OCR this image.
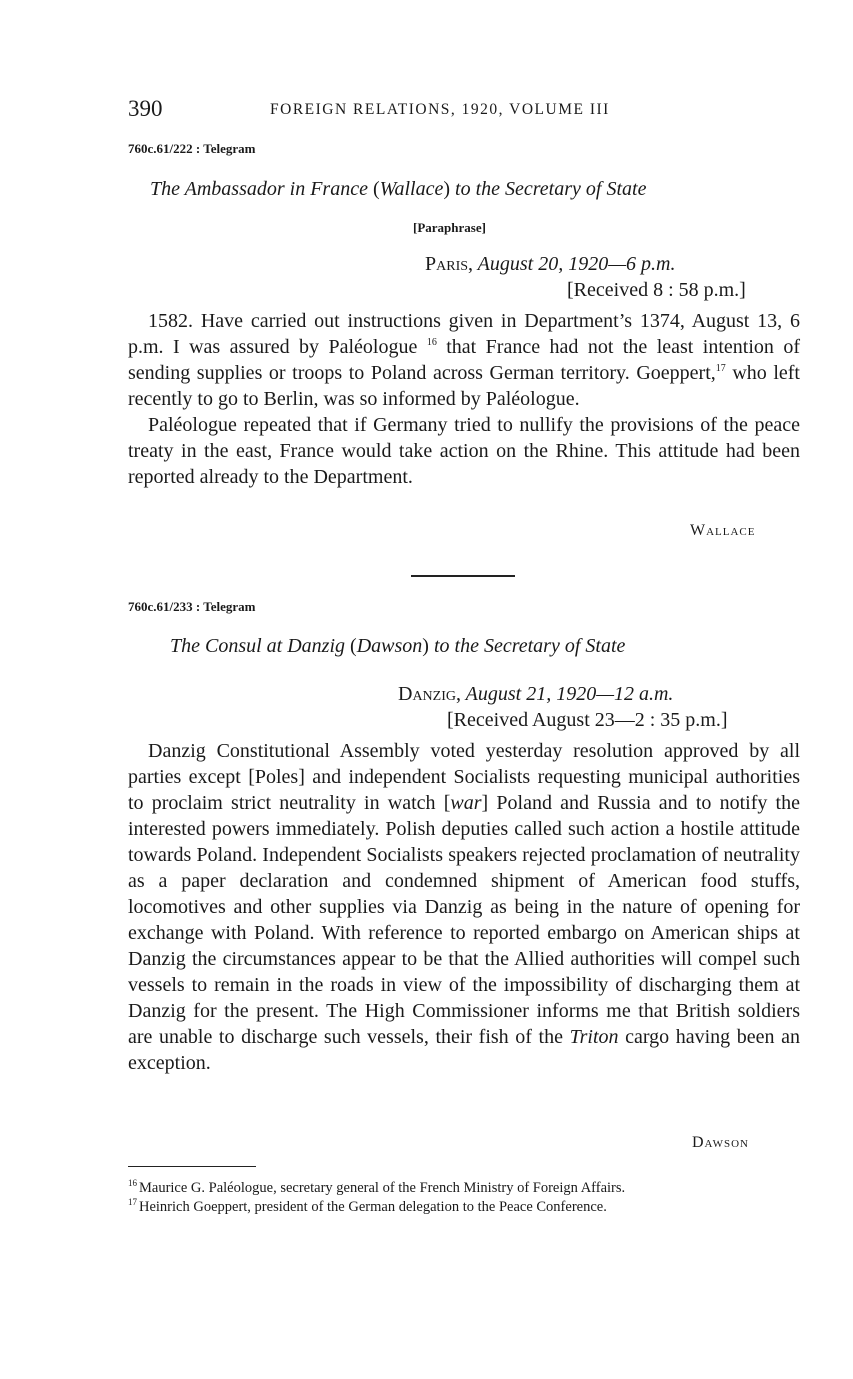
390	FOREIGN RELATIONS, 1920, VOLUME III
760c.61/222 : Telegram
The Ambassador in France (Wallace) to the Secretary of State
[Paraphrase]
Paris, August 20, 1920—6 p.m.
[Received 8 : 58 p.m.]

1582. Have carried out instructions given in Department’s 1374, August 13, 6 p.m. I was assured by Paléologue $^{16}$ that France had not the least intention of sending supplies or troops to Poland across German territory. Goeppert,$^{17}$ who left recently to go to Berlin, was so informed by Paléologue.

Paléologue repeated that if Germany tried to nullify the provisions of the peace treaty in the east, France would take action on the Rhine. This attitude had been reported already to the Department.

Wallace
760c.61/233 : Telegram
The Consul at Danzig (Dawson) to the Secretary of State
Danzig, August 21, 1920—12 a.m.
[Received August 23—2 : 35 p.m.]

Danzig Constitutional Assembly voted yesterday resolution approved by all parties except [Poles] and independent Socialists requesting municipal authorities to proclaim strict neutrality in watch [war] Poland and Russia and to notify the interested powers immediately. Polish deputies called such action a hostile attitude towards Poland. Independent Socialists speakers rejected proclamation of neutrality as a paper declaration and condemned shipment of American food stuffs, locomotives and other supplies via Danzig as being in the nature of opening for exchange with Poland. With reference to reported embargo on American ships at Danzig the circumstances appear to be that the Allied authorities will compel such vessels to remain in the roads in view of the impossibility of discharging them at Danzig for the present. The High Commissioner informs me that British soldiers are unable to discharge such vessels, their fish of the Triton cargo having been an exception.

Dawson

$^{16}$ Maurice G. Paléologue, secretary general of the French Ministry of Foreign Affairs.

$^{17}$ Heinrich Goeppert, president of the German delegation to the Peace Conference.
